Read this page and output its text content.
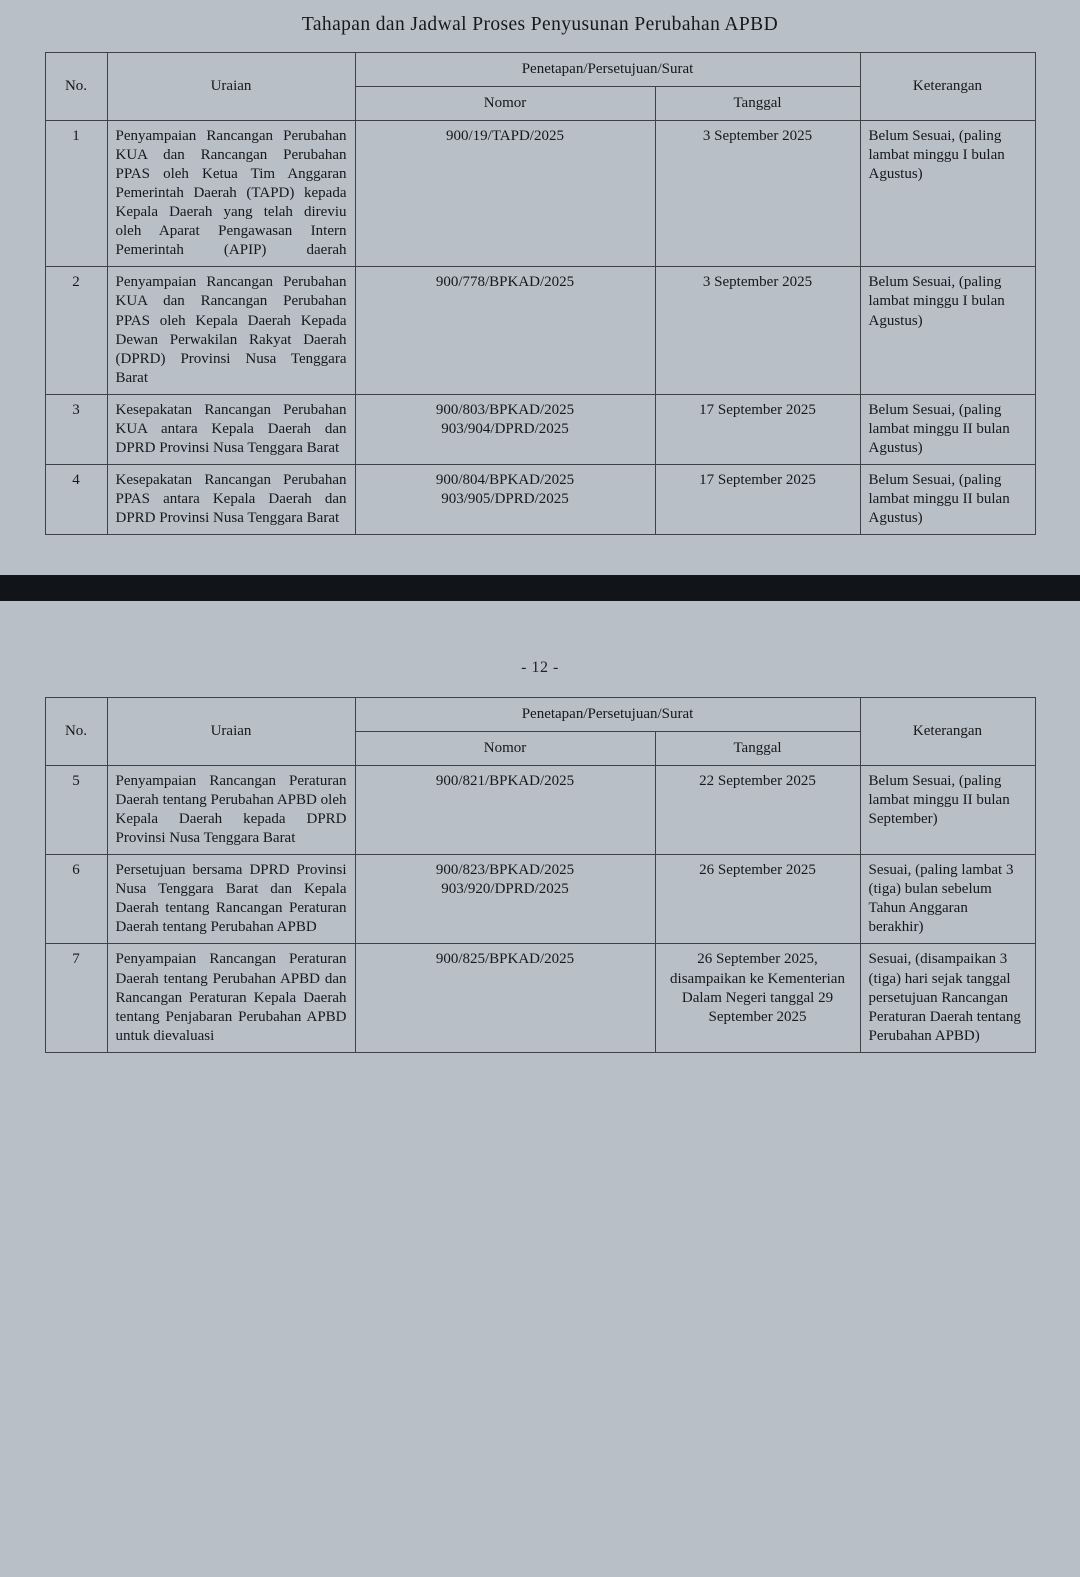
Tahapan dan Jadwal Proses Penyusunan Perubahan APBD
No.	Uraian	Penetapan/Persetujuan/Surat		Keterangan
		Nomor	Tanggal	
1	Penyampaian Rancangan Perubahan KUA dan Rancangan Perubahan PPAS oleh Ketua Tim Anggaran Pemerintah Daerah (TAPD) kepada Kepala Daerah yang telah direviu oleh Aparat Pengawasan Intern Pemerintah (APIP) daerah	900/19/TAPD/2025	3 September 2025	Belum Sesuai, (paling lambat minggu I bulan Agustus)
2	Penyampaian Rancangan Perubahan KUA dan Rancangan Perubahan PPAS oleh Kepala Daerah Kepada Dewan Perwakilan Rakyat Daerah (DPRD) Provinsi Nusa Tenggara Barat	900/778/BPKAD/2025	3 September 2025	Belum Sesuai, (paling lambat minggu I bulan Agustus)
3	Kesepakatan Rancangan Perubahan KUA antara Kepala Daerah dan DPRD Provinsi Nusa Tenggara Barat	900/803/BPKAD/2025
903/904/DPRD/2025	17 September 2025	Belum Sesuai, (paling lambat minggu II bulan Agustus)
4	Kesepakatan Rancangan Perubahan PPAS antara Kepala Daerah dan DPRD Provinsi Nusa Tenggara Barat	900/804/BPKAD/2025
903/905/DPRD/2025	17 September 2025	Belum Sesuai, (paling lambat minggu II bulan Agustus)
- 12 -
No.	Uraian	Penetapan/Persetujuan/Surat		Keterangan
		Nomor	Tanggal	
5	Penyampaian Rancangan Peraturan Daerah tentang Perubahan APBD oleh Kepala Daerah kepada DPRD Provinsi Nusa Tenggara Barat	900/821/BPKAD/2025	22 September 2025	Belum Sesuai, (paling lambat minggu II bulan September)
6	Persetujuan bersama DPRD Provinsi Nusa Tenggara Barat dan Kepala Daerah tentang Rancangan Peraturan Daerah tentang Perubahan APBD	900/823/BPKAD/2025
903/920/DPRD/2025	26 September 2025	Sesuai, (paling lambat 3 (tiga) bulan sebelum Tahun Anggaran berakhir)
7	Penyampaian Rancangan Peraturan Daerah tentang Perubahan APBD dan Rancangan Peraturan Kepala Daerah tentang Penjabaran Perubahan APBD untuk dievaluasi	900/825/BPKAD/2025	26 September 2025, disampaikan ke Kementerian Dalam Negeri tanggal 29 September 2025	Sesuai, (disampaikan 3 (tiga) hari sejak tanggal persetujuan Rancangan Peraturan Daerah tentang Perubahan APBD)
